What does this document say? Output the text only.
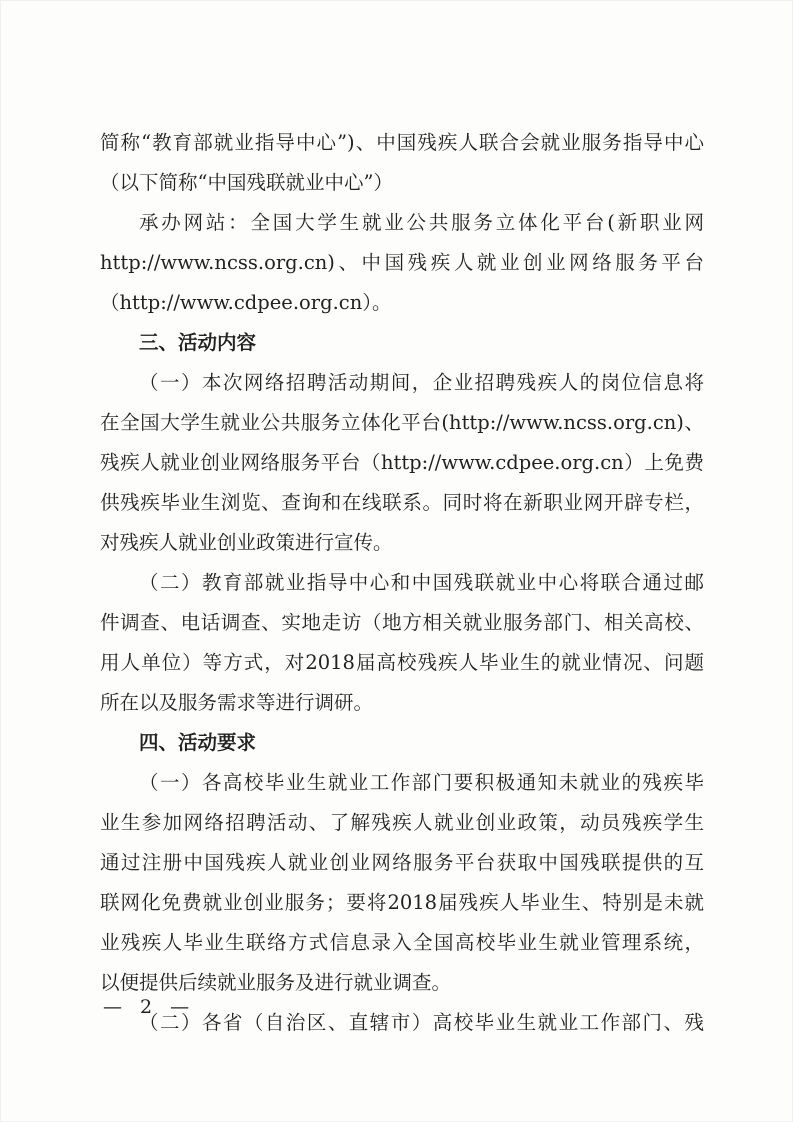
简称“教育部就业指导中心”)、中国残疾人联合会就业服务指导中心
（以下简称“中国残联就业中心”）
承办网站：全国大学生就业公共服务立体化平台(新职业网
http://www.ncss.org.cn)、中国残疾人就业创业网络服务平台
（http://www.cdpee.org.cn）。
三、活动内容
（一）本次网络招聘活动期间，企业招聘残疾人的岗位信息将
在全国大学生就业公共服务立体化平台(http://www.ncss.org.cn)、
残疾人就业创业网络服务平台（http://www.cdpee.org.cn）上免费
供残疾毕业生浏览、查询和在线联系。同时将在新职业网开辟专栏，
对残疾人就业创业政策进行宣传。
（二）教育部就业指导中心和中国残联就业中心将联合通过邮
件调查、电话调查、实地走访（地方相关就业服务部门、相关高校、
用人单位）等方式，对2018届高校残疾人毕业生的就业情况、问题
所在以及服务需求等进行调研。
四、活动要求
（一）各高校毕业生就业工作部门要积极通知未就业的残疾毕
业生参加网络招聘活动、了解残疾人就业创业政策，动员残疾学生
通过注册中国残疾人就业创业网络服务平台获取中国残联提供的互
联网化免费就业创业服务；要将2018届残疾人毕业生、特别是未就
业残疾人毕业生联络方式信息录入全国高校毕业生就业管理系统，
以便提供后续就业服务及进行就业调查。
（二）各省（自治区、直辖市）高校毕业生就业工作部门、残
— 2 —
